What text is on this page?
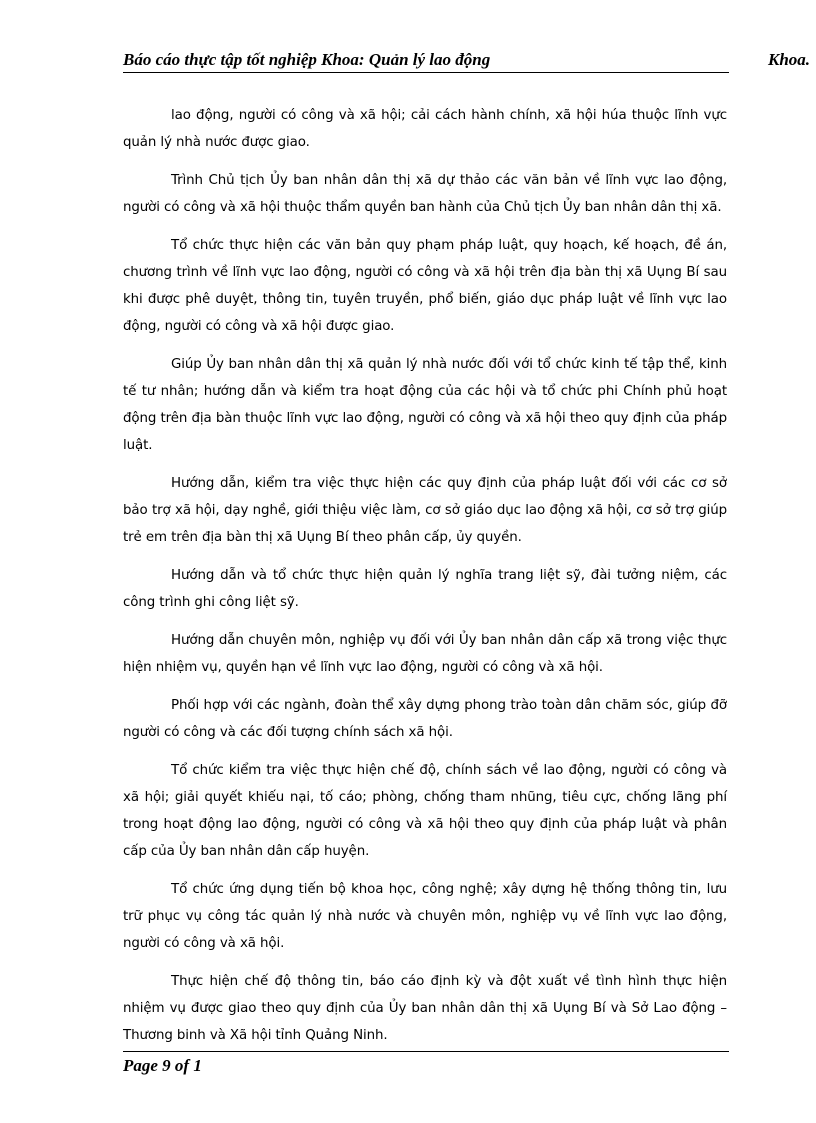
Báo cáo thực tập tốt nghiệp Khoa: Quản lý lao động	Khoa.

lao động, người có công và xã hội; cải cách hành chính, xã hội húa thuộc lĩnh vực quản lý nhà nước được giao.

Trình Chủ tịch Ủy ban nhân dân thị xã dự thảo các văn bản về lĩnh vực lao động, người có công và xã hội thuộc thẩm quyền ban hành của Chủ tịch Ủy ban nhân dân thị xã.

Tổ chức thực hiện các văn bản quy phạm pháp luật, quy hoạch, kế hoạch, đề án, chương trình về lĩnh vực lao động, người có công và xã hội trên địa bàn thị xã Uụng Bí sau khi được phê duyệt, thông tin, tuyên truyền, phổ biến, giáo dục pháp luật về lĩnh vực lao động, người có công và xã hội được giao.

Giúp Ủy ban nhân dân thị xã quản lý nhà nước đối với tổ chức kinh tế tập thể, kinh tế tư nhân; hướng dẫn và kiểm tra hoạt động của các hội và tổ chức phi Chính phủ hoạt động trên địa bàn thuộc lĩnh vực lao động, người có công và xã hội theo quy định của pháp luật.

Hướng dẫn, kiểm tra việc thực hiện các quy định của pháp luật đối với các cơ sở bảo trợ xã hội, dạy nghề, giới thiệu việc làm, cơ sở giáo dục lao động xã hội, cơ sở trợ giúp trẻ em trên địa bàn thị xã Uụng Bí theo phân cấp, ủy quyền.

Hướng dẫn và tổ chức thực hiện quản lý nghĩa trang liệt sỹ, đài tưởng niệm, các công trình ghi công liệt sỹ.

Hướng dẫn chuyên môn, nghiệp vụ đối với Ủy ban nhân dân cấp xã trong việc thực hiện nhiệm vụ, quyền hạn về lĩnh vực lao động, người có công và xã hội.

Phối hợp với các ngành, đoàn thể xây dựng phong trào toàn dân chăm sóc, giúp đỡ người có công và các đối tượng chính sách xã hội.

Tổ chức kiểm tra việc thực hiện chế độ, chính sách về lao động, người có công và xã hội; giải quyết khiếu nại, tố cáo; phòng, chống tham nhũng, tiêu cực, chống lãng phí trong hoạt động lao động, người có công và xã hội theo quy định của pháp luật và phân cấp của Ủy ban nhân dân cấp huyện.

Tổ chức ứng dụng tiến bộ khoa học, công nghệ; xây dựng hệ thống thông tin, lưu trữ phục vụ công tác quản lý nhà nước và chuyên môn, nghiệp vụ về lĩnh vực lao động, người có công và xã hội.

Thực hiện chế độ thông tin, báo cáo định kỳ và đột xuất về tình hình thực hiện nhiệm vụ được giao theo quy định của Ủy ban nhân dân thị xã Uụng Bí và Sở Lao động – Thương binh và Xã hội tỉnh Quảng Ninh.

Page 9 of 1
